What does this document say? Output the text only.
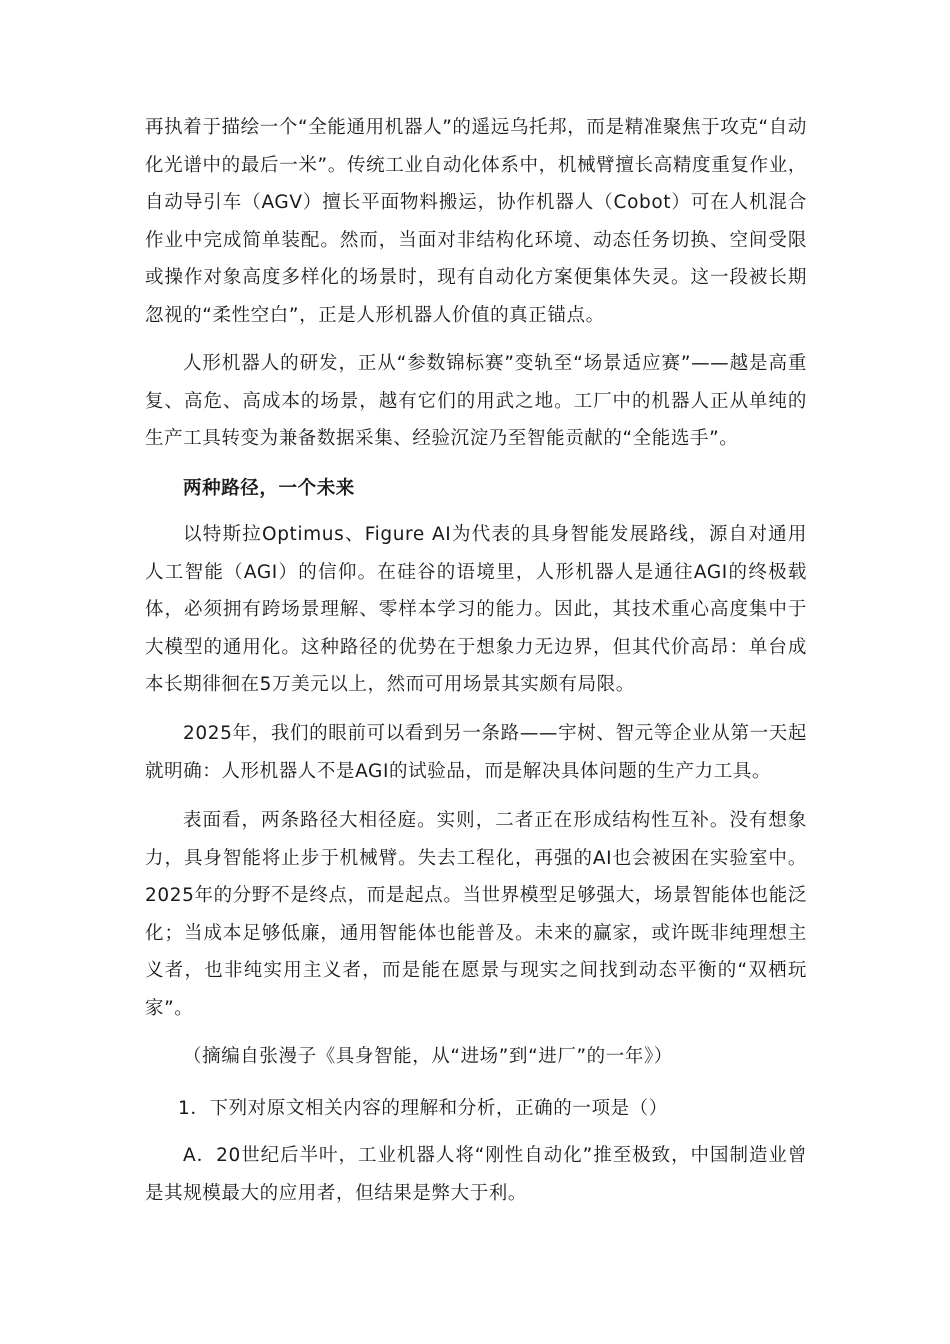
再执着于描绘一个“全能通用机器人”的遥远乌托邦，而是精准聚焦于攻克“自动化光谱中的最后一米”。传统工业自动化体系中，机械臂擅长高精度重复作业，自动导引车（AGV）擅长平面物料搬运，协作机器人（Cobot）可在人机混合作业中完成简单装配。然而，当面对非结构化环境、动态任务切换、空间受限或操作对象高度多样化的场景时，现有自动化方案便集体失灵。这一段被长期忽视的“柔性空白”，正是人形机器人价值的真正锚点。

人形机器人的研发，正从“参数锦标赛”变轨至“场景适应赛”——越是高重复、高危、高成本的场景，越有它们的用武之地。工厂中的机器人正从单纯的生产工具转变为兼备数据采集、经验沉淀乃至智能贡献的“全能选手”。

两种路径，一个未来

以特斯拉Optimus、Figure AI为代表的具身智能发展路线，源自对通用人工智能（AGI）的信仰。在硅谷的语境里，人形机器人是通往AGI的终极载体，必须拥有跨场景理解、零样本学习的能力。因此，其技术重心高度集中于大模型的通用化。这种路径的优势在于想象力无边界，但其代价高昂：单台成本长期徘徊在5万美元以上，然而可用场景其实颇有局限。

2025年，我们的眼前可以看到另一条路——宇树、智元等企业从第一天起就明确：人形机器人不是AGI的试验品，而是解决具体问题的生产力工具。

表面看，两条路径大相径庭。实则，二者正在形成结构性互补。没有想象力，具身智能将止步于机械臂。失去工程化，再强的AI也会被困在实验室中。2025年的分野不是终点，而是起点。当世界模型足够强大，场景智能体也能泛化；当成本足够低廉，通用智能体也能普及。未来的赢家，或许既非纯理想主义者，也非纯实用主义者，而是能在愿景与现实之间找到动态平衡的“双栖玩家”。

（摘编自张漫子《具身智能，从“进场”到“进厂”的一年》）

1．下列对原文相关内容的理解和分析，正确的一项是（）

A．20世纪后半叶，工业机器人将“刚性自动化”推至极致，中国制造业曾是其规模最大的应用者，但结果是弊大于利。
